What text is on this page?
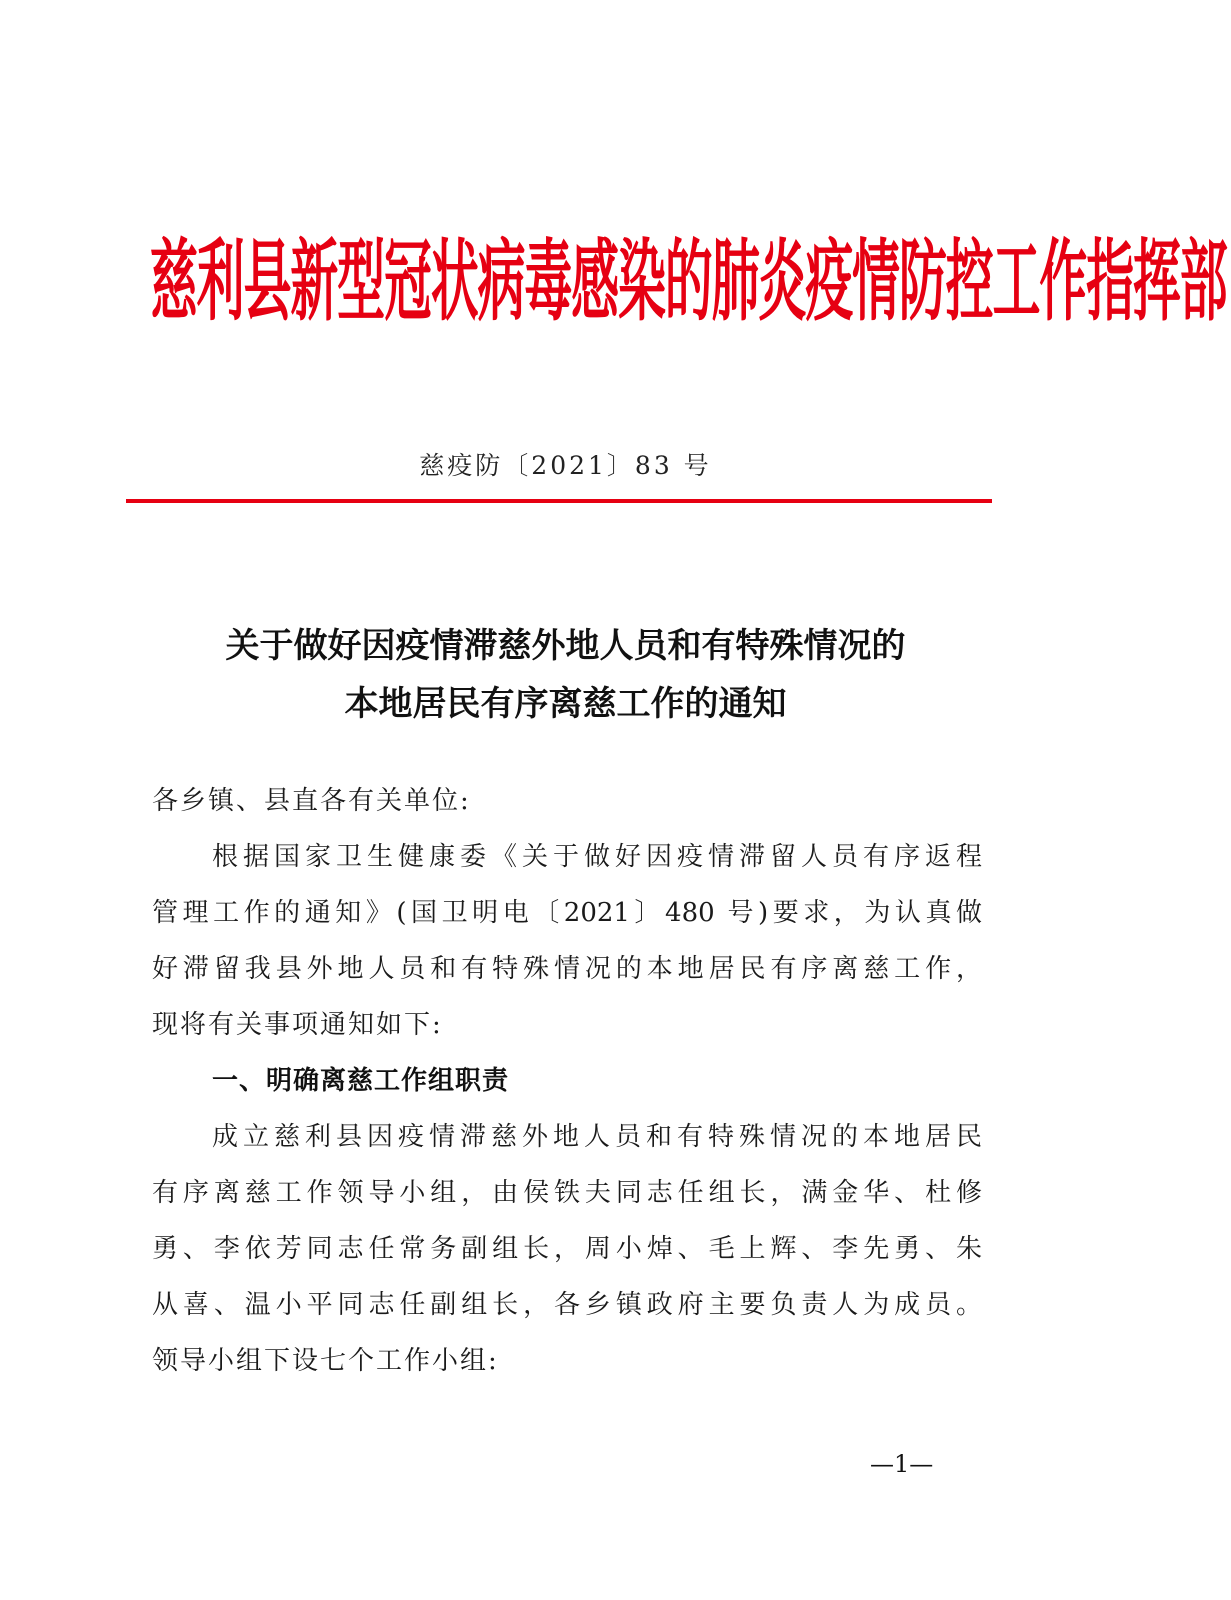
慈利县新型冠状病毒感染的肺炎疫情防控工作指挥部
慈疫防〔2021〕83 号
关于做好因疫情滞慈外地人员和有特殊情况的
本地居民有序离慈工作的通知
各乡镇、县直各有关单位:
根据国家卫生健康委《关于做好因疫情滞留人员有序返程
管理工作的通知》(国卫明电〔2021〕480 号)要求，为认真做
好滞留我县外地人员和有特殊情况的本地居民有序离慈工作，
现将有关事项通知如下:
一、明确离慈工作组职责
成立慈利县因疫情滞慈外地人员和有特殊情况的本地居民
有序离慈工作领导小组，由侯铁夫同志任组长，满金华、杜修
勇、李依芳同志任常务副组长，周小焯、毛上辉、李先勇、朱
从喜、温小平同志任副组长，各乡镇政府主要负责人为成员。
领导小组下设七个工作小组:
—1—
